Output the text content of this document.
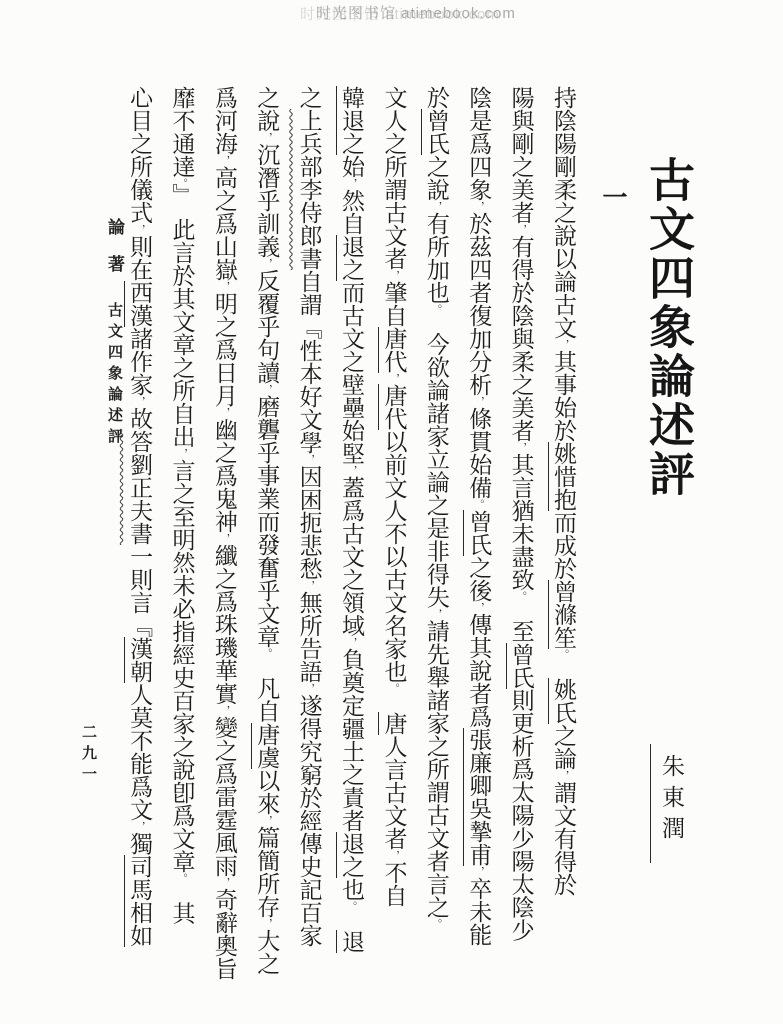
时光图书馆 atimebook.com
古文四象論述評
一
朱東潤
持陰陽剛柔之說以論古文，其事始於姚惜抱而成於曾滌笙。　姚氏之論，謂文有得於
陽與剛之美者，有得於陰與柔之美者，其言猶未盡致。　至曾氏則更析爲太陽少陽太陰少
陰是爲四象，於茲四者復加分析，條貫始備。曾氏之後，傳其說者爲張廉卿吳摯甫，卒未能
於曾氏之說，有所加也。　今欲論諸家立論之是非得失，請先舉諸家之所謂古文者言之。
文人之所謂古文者，肇自唐代，唐代以前文人不以古文名家也。　唐人言古文者，不自
韓退之始，然自退之而古文之壁壘始堅，蓋爲古文之領域，負奠定疆土之責者退之也。　退
之上兵部李侍郎書自謂『性本好文學，因困扼悲愁，無所告語，遂得究窮於經傳史記百家
之說，沉潛乎訓義，反覆乎句讀，磨礱乎事業而發奮乎文章。　凡自唐虞以來，篇簡所存，大之
爲河海，高之爲山嶽，明之爲日月，幽之爲鬼神，纖之爲珠璣華實，變之爲雷霆風雨，奇辭奧旨
靡不通達。』　此言於其文章之所自出，言之至明然未必指經史百家之說卽爲文章。　其
心目之所儀式，則在西漢諸作家，故答劉正夫書一則言『漢朝人莫不能爲文，獨司馬相如
論著
古文四象論述評
二九一
